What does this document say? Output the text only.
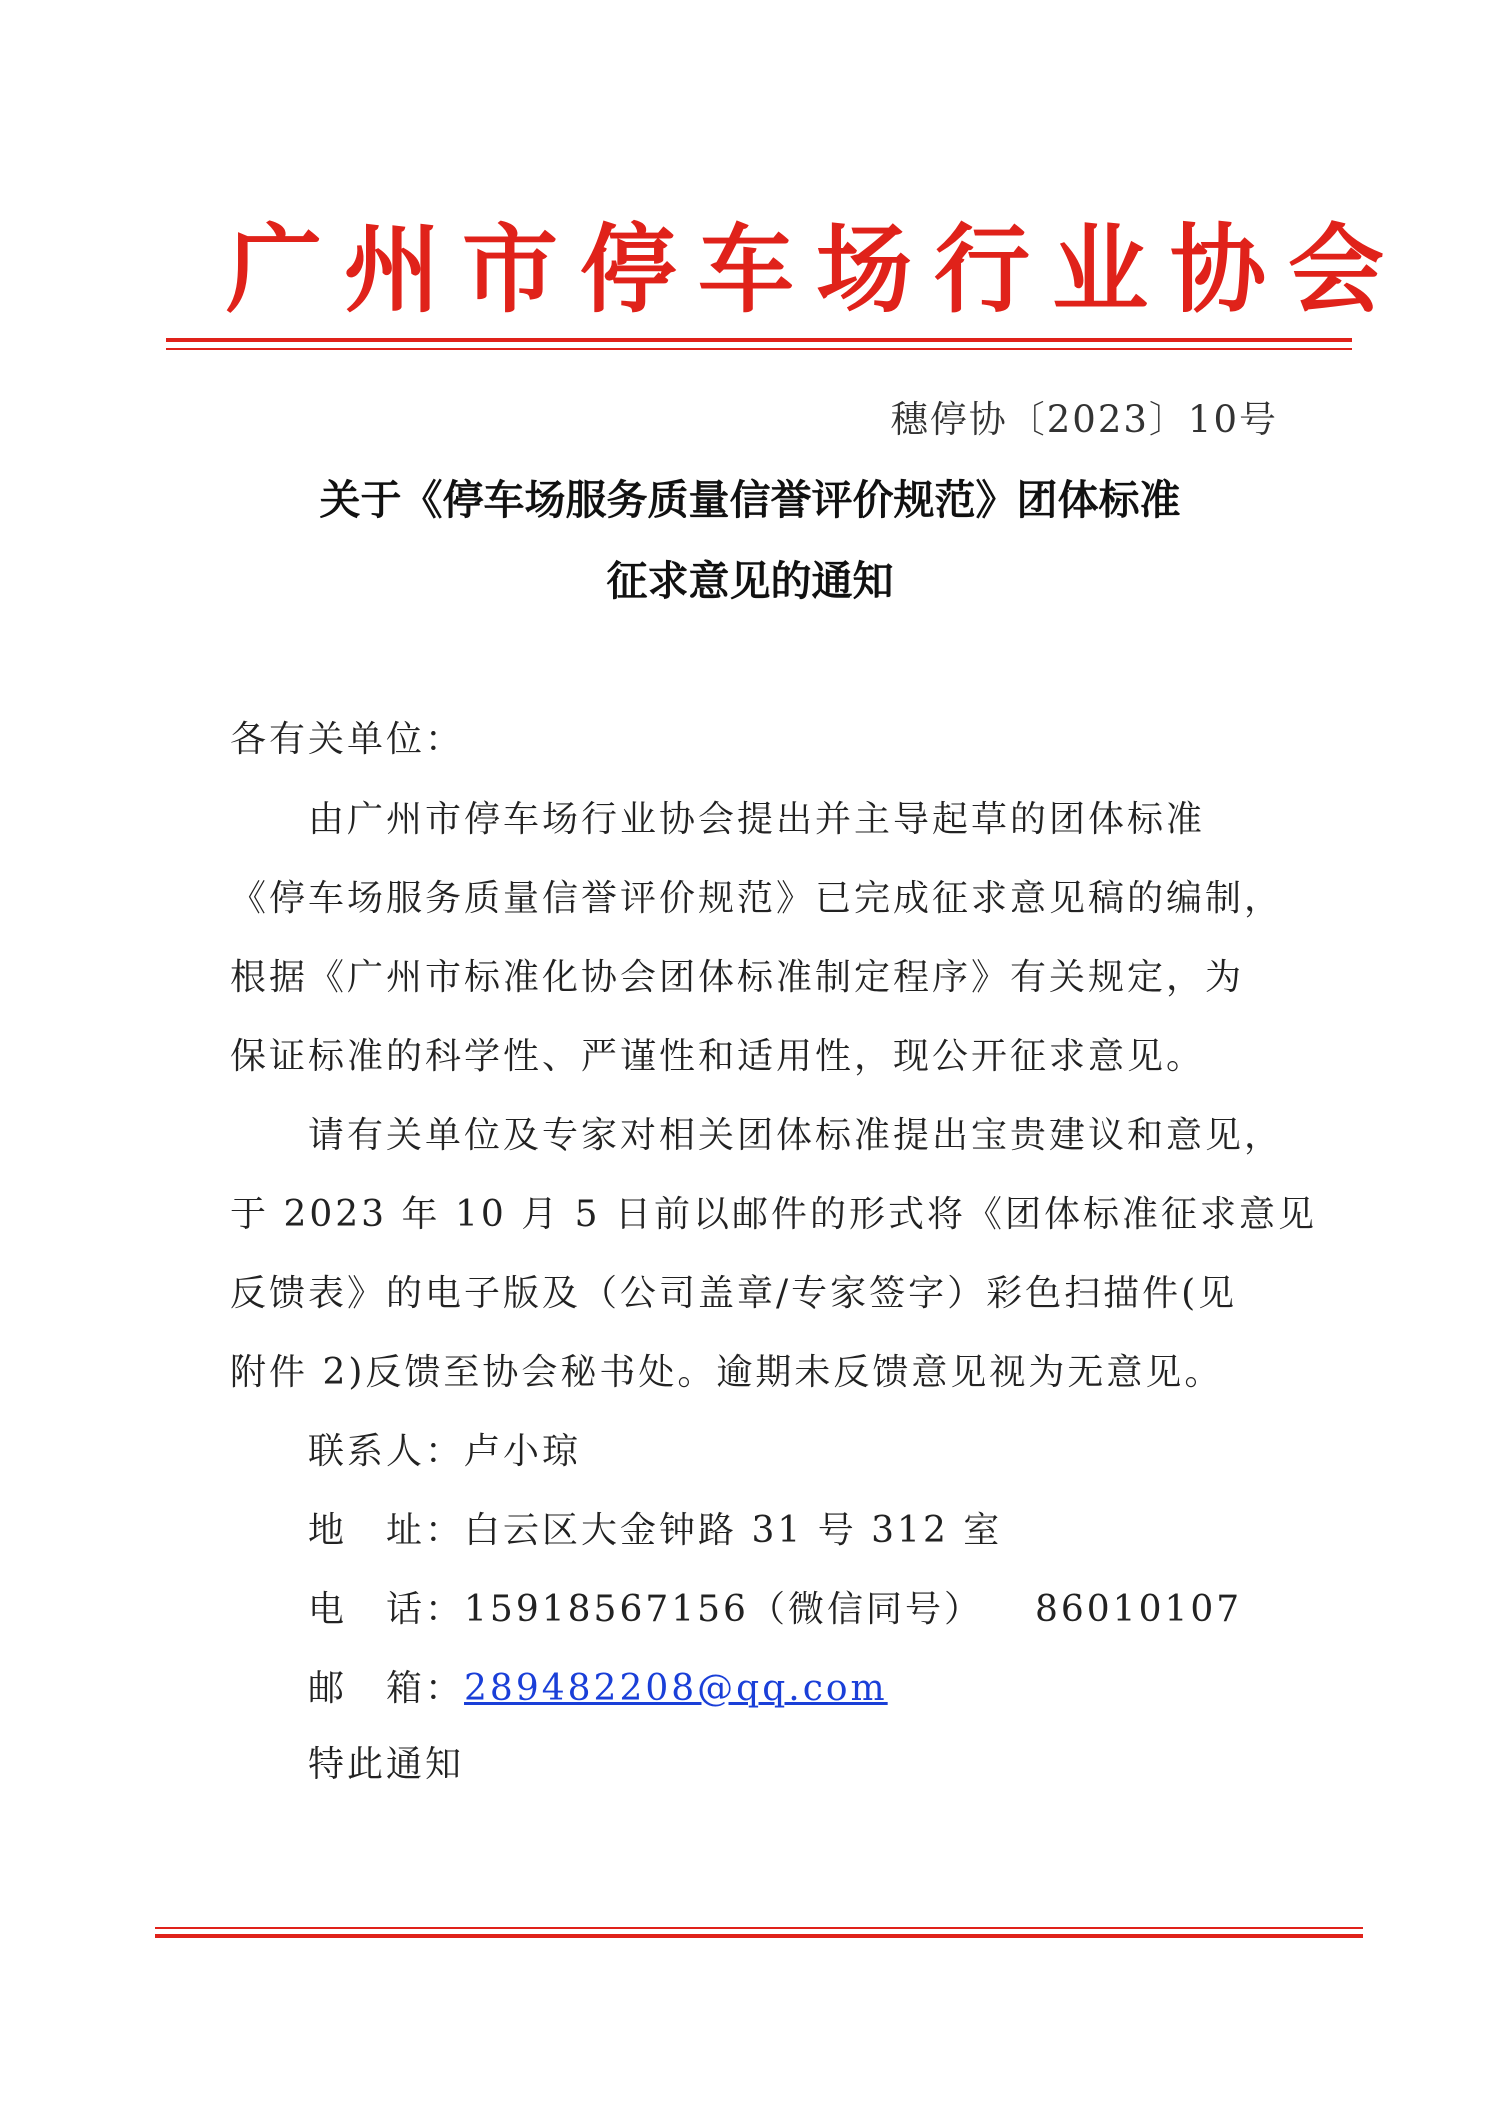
广州市停车场行业协会
穗停协〔2023〕10号
关于《停车场服务质量信誉评价规范》团体标准
征求意见的通知
各有关单位：
由广州市停车场行业协会提出并主导起草的团体标准
《停车场服务质量信誉评价规范》已完成征求意见稿的编制，
根据《广州市标准化协会团体标准制定程序》有关规定，为
保证标准的科学性、严谨性和适用性，现公开征求意见。
请有关单位及专家对相关团体标准提出宝贵建议和意见，
于 2023 年 10 月 5 日前以邮件的形式将《团体标准征求意见
反馈表》的电子版及（公司盖章/专家签字）彩色扫描件(见
附件 2)反馈至协会秘书处。逾期未反馈意见视为无意见。
联系人：卢小琼
地　址：白云区大金钟路 31 号 312 室
电　话：15918567156（微信同号） 86010107
邮　箱：289482208@qq.com
特此通知
